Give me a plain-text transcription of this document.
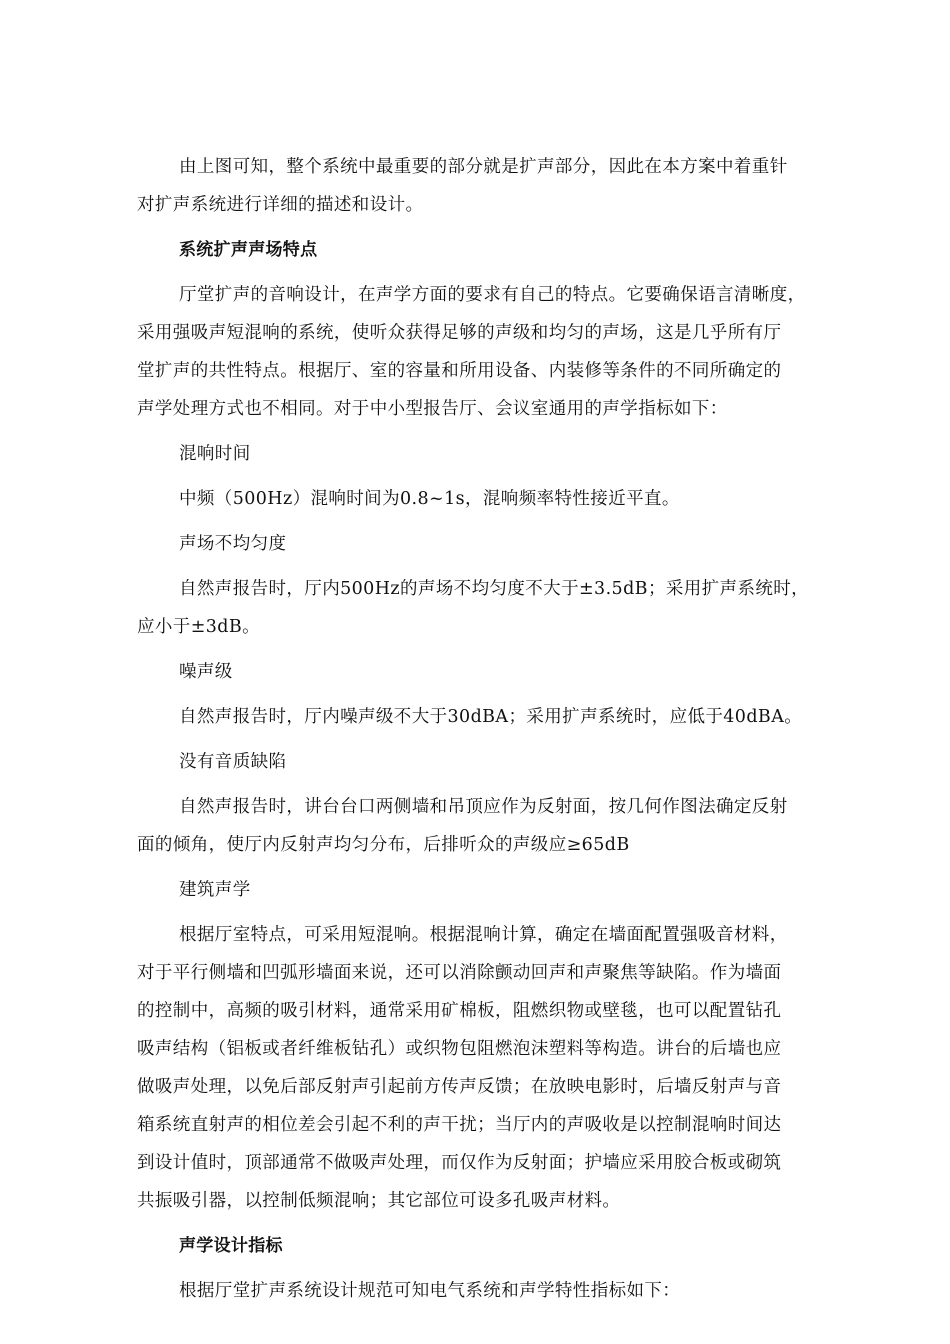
由上图可知，整个系统中最重要的部分就是扩声部分，因此在本方案中着重针
对扩声系统进行详细的描述和设计。

系统扩声声场特点

厅堂扩声的音响设计，在声学方面的要求有自己的特点。它要确保语言清晰度，
采用强吸声短混响的系统，使听众获得足够的声级和均匀的声场，这是几乎所有厅
堂扩声的共性特点。根据厅、室的容量和所用设备、内装修等条件的不同所确定的
声学处理方式也不相同。对于中小型报告厅、会议室通用的声学指标如下：

混响时间

中频（500Hz）混响时间为0.8~1s，混响频率特性接近平直。

声场不均匀度

自然声报告时，厅内500Hz的声场不均匀度不大于±3.5dB；采用扩声系统时，
应小于±3dB。

噪声级

自然声报告时，厅内噪声级不大于30dBA；采用扩声系统时，应低于40dBA。

没有音质缺陷

自然声报告时，讲台台口两侧墙和吊顶应作为反射面，按几何作图法确定反射
面的倾角，使厅内反射声均匀分布，后排听众的声级应≥65dB

建筑声学

根据厅室特点，可采用短混响。根据混响计算，确定在墙面配置强吸音材料，
对于平行侧墙和凹弧形墙面来说，还可以消除颤动回声和声聚焦等缺陷。作为墙面
的控制中，高频的吸引材料，通常采用矿棉板，阻燃织物或壁毯，也可以配置钻孔
吸声结构（铝板或者纤维板钻孔）或织物包阻燃泡沫塑料等构造。讲台的后墙也应
做吸声处理，以免后部反射声引起前方传声反馈；在放映电影时，后墙反射声与音
箱系统直射声的相位差会引起不利的声干扰；当厅内的声吸收是以控制混响时间达
到设计值时，顶部通常不做吸声处理，而仅作为反射面；护墙应采用胶合板或砌筑
共振吸引器，以控制低频混响；其它部位可设多孔吸声材料。

声学设计指标

根据厅堂扩声系统设计规范可知电气系统和声学特性指标如下：
